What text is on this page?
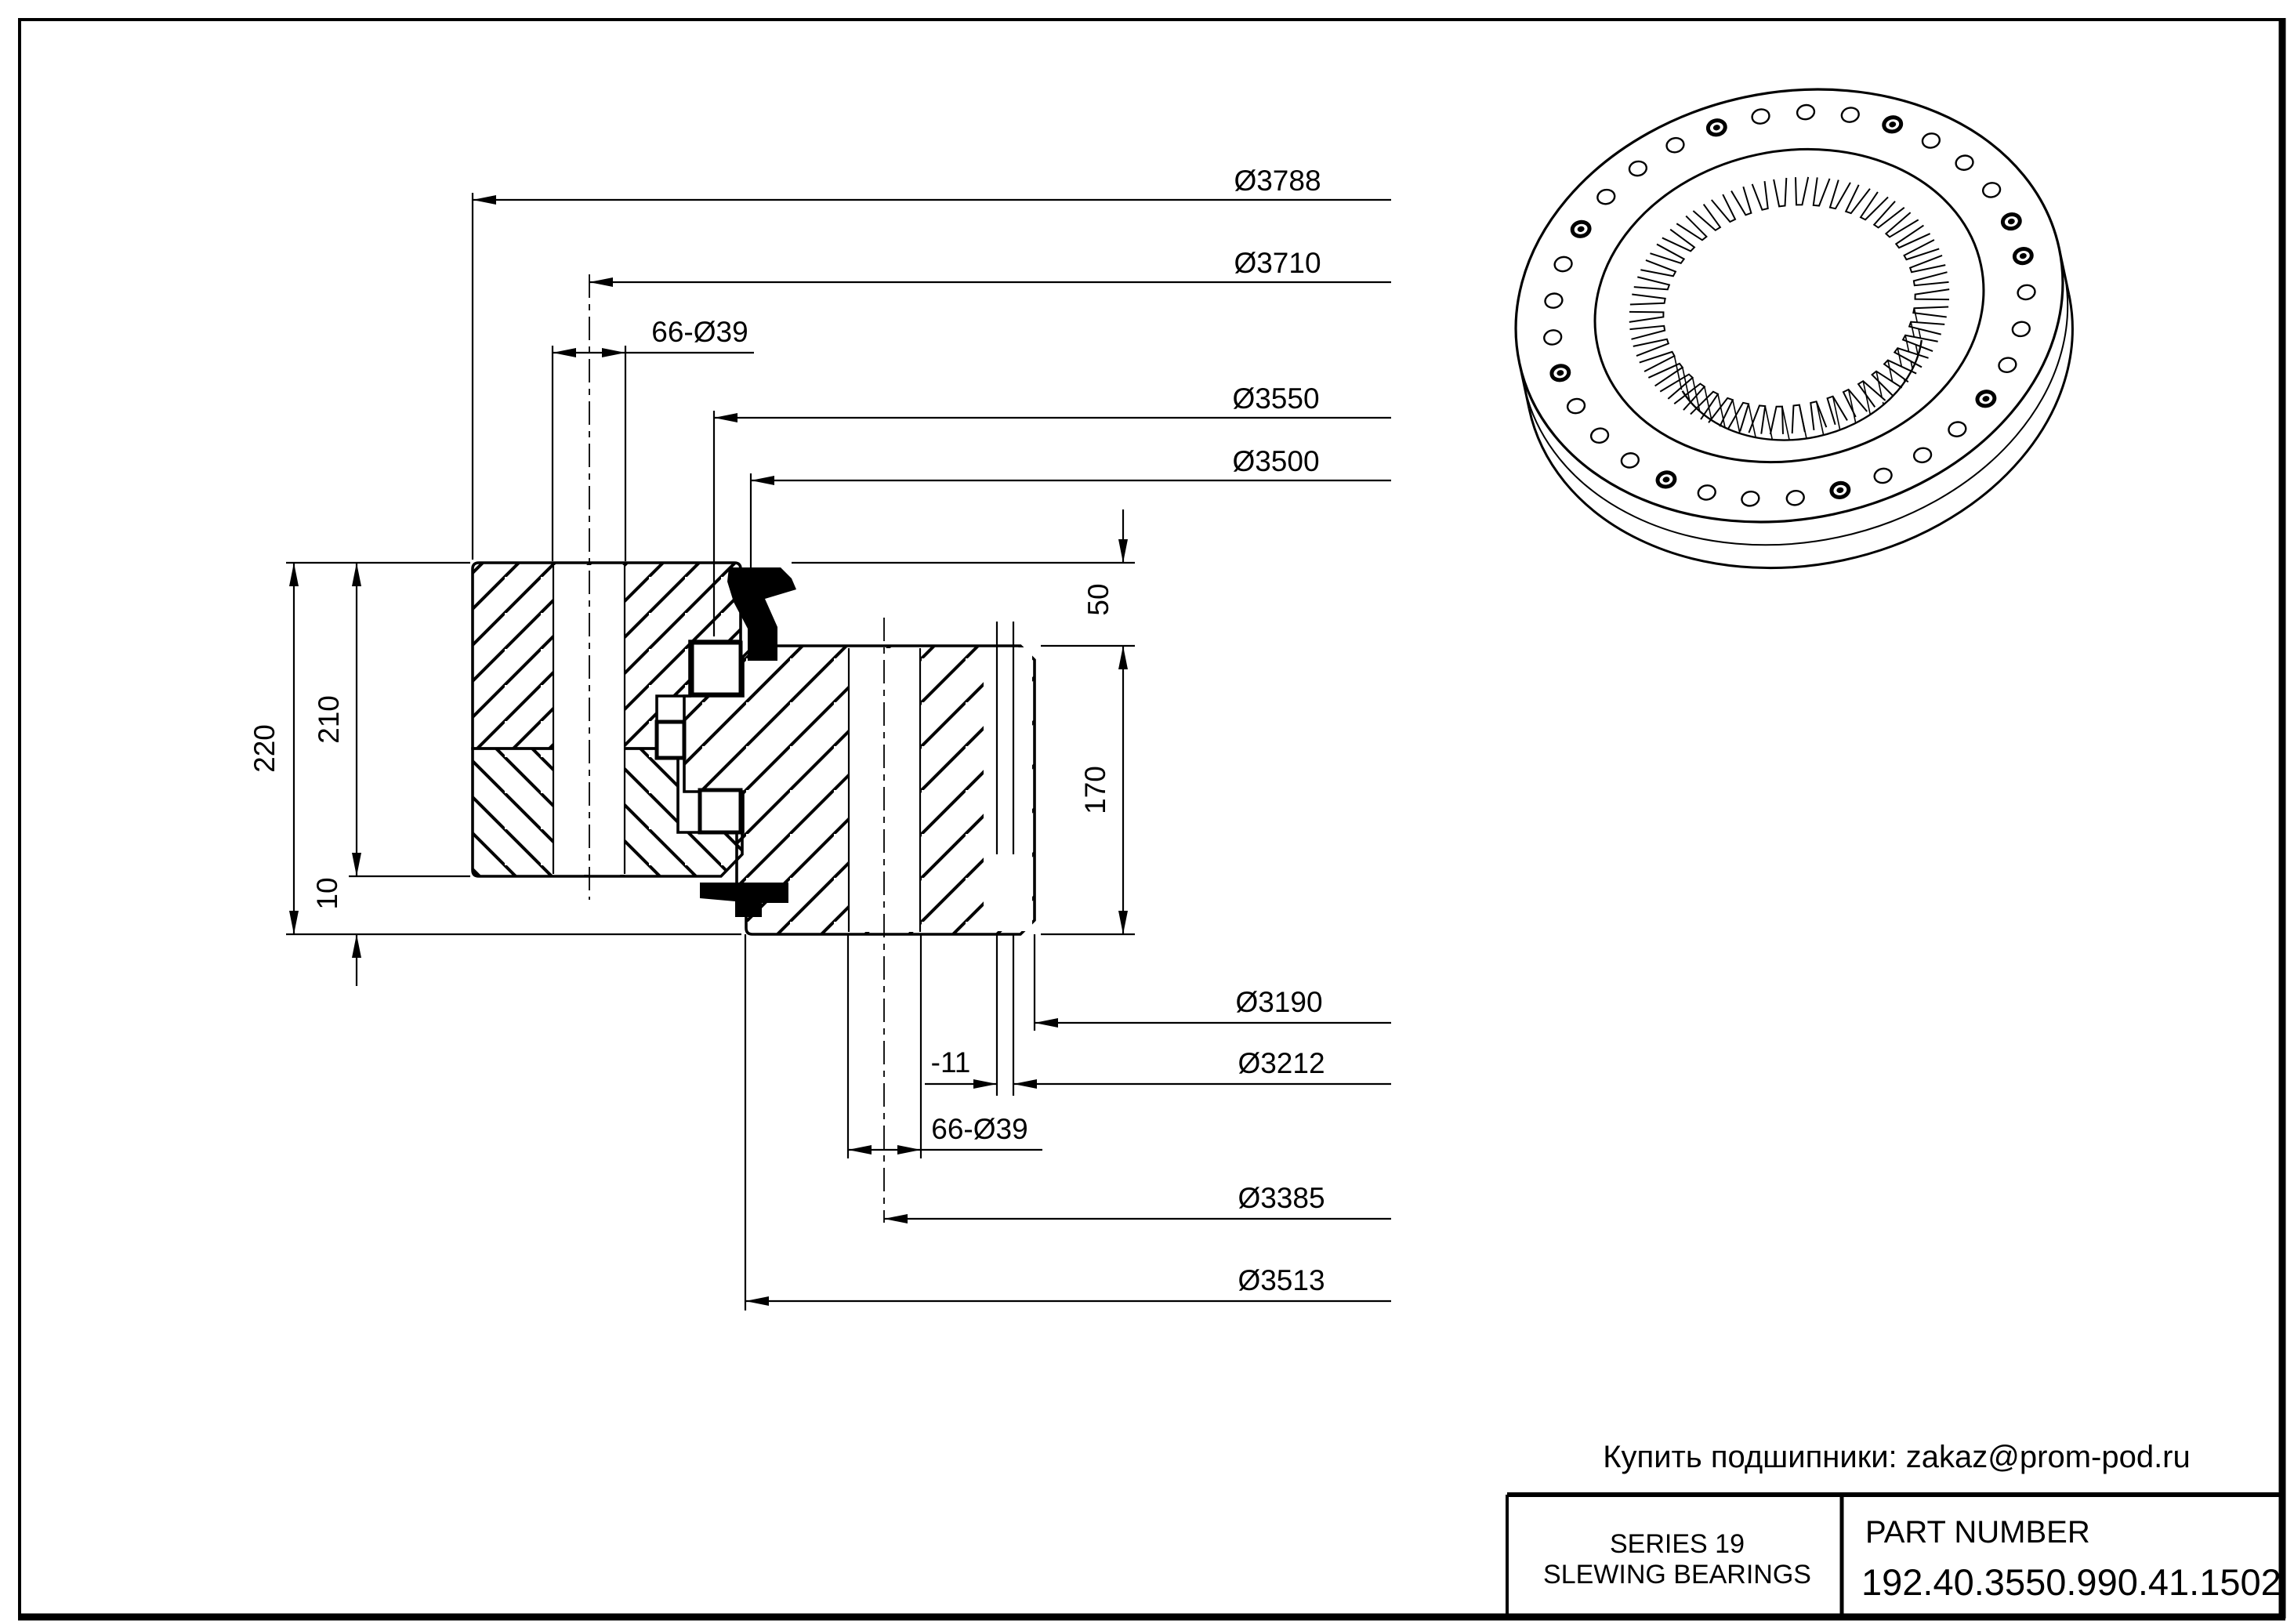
Ø3788
Ø3710
66-Ø39
Ø3550
Ø3500
50
170
220
210
10
Ø3190
-11	Ø3212
66-Ø39
Ø3385
Ø3513
Купить подшипники: zakaz@prom-pod.ru
SERIES 19
SLEWING BEARINGS
PART NUMBER
192.40.3550.990.41.1502
